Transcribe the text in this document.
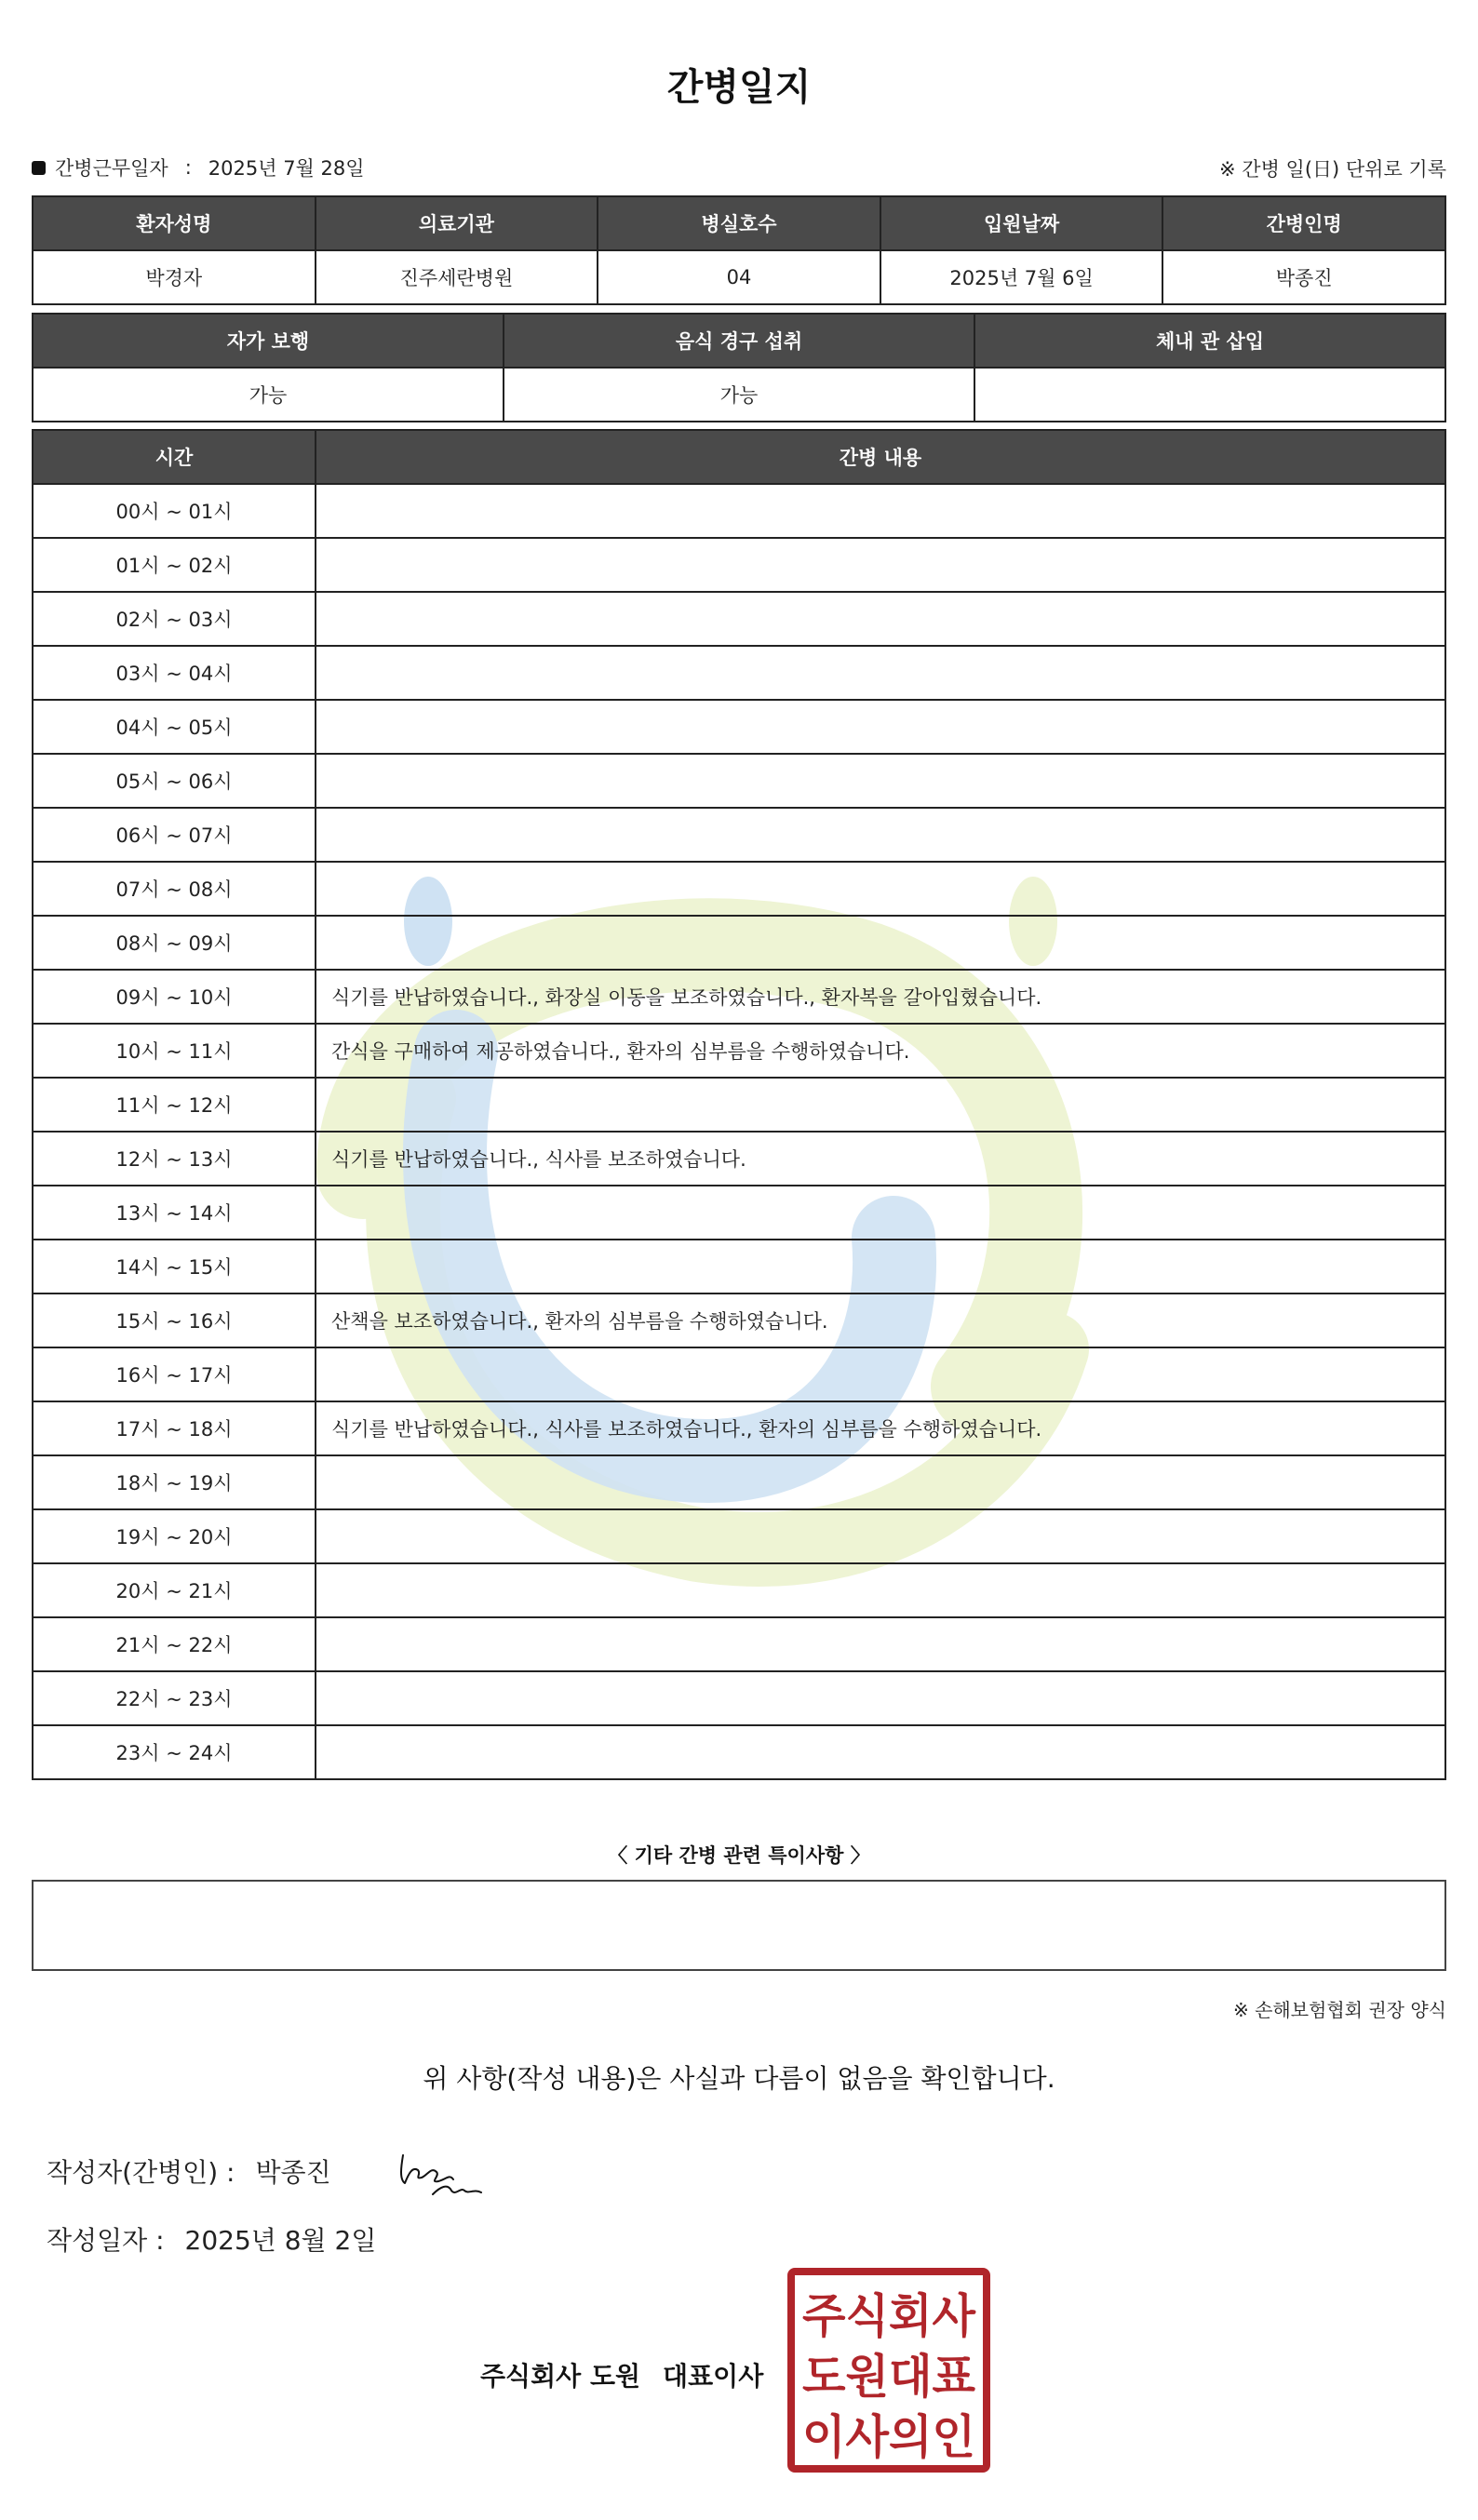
간병일지
간병근무일자 : 2025년 7월 28일	※ 간병 일(日) 단위로 기록
환자성명	의료기관	병실호수	입원날짜	간병인명
박경자	진주세란병원	04	2025년 7월 6일	박종진
자가 보행	음식 경구 섭취	체내 관 삽입
가능	가능	
시간	간병 내용
00시 ~ 01시	
01시 ~ 02시	
02시 ~ 03시	
03시 ~ 04시	
04시 ~ 05시	
05시 ~ 06시	
06시 ~ 07시	
07시 ~ 08시	
08시 ~ 09시	
09시 ~ 10시	식기를 반납하였습니다., 화장실 이동을 보조하였습니다., 환자복을 갈아입혔습니다.
10시 ~ 11시	간식을 구매하여 제공하였습니다., 환자의 심부름을 수행하였습니다.
11시 ~ 12시	
12시 ~ 13시	식기를 반납하였습니다., 식사를 보조하였습니다.
13시 ~ 14시	
14시 ~ 15시	
15시 ~ 16시	산책을 보조하였습니다., 환자의 심부름을 수행하였습니다.
16시 ~ 17시	
17시 ~ 18시	식기를 반납하였습니다., 식사를 보조하였습니다., 환자의 심부름을 수행하였습니다.
18시 ~ 19시	
19시 ~ 20시	
20시 ~ 21시	
21시 ~ 22시	
22시 ~ 23시	
23시 ~ 24시	
〈 기타 간병 관련 특이사항 〉
※ 손해보험협회 권장 양식
위 사항(작성 내용)은 사실과 다름이 없음을 확인합니다.
작성자(간병인) : 박종진
작성일자 : 2025년 8월 2일
주식회사 도원 대표이사
주식회사
도원대표
이사의인
